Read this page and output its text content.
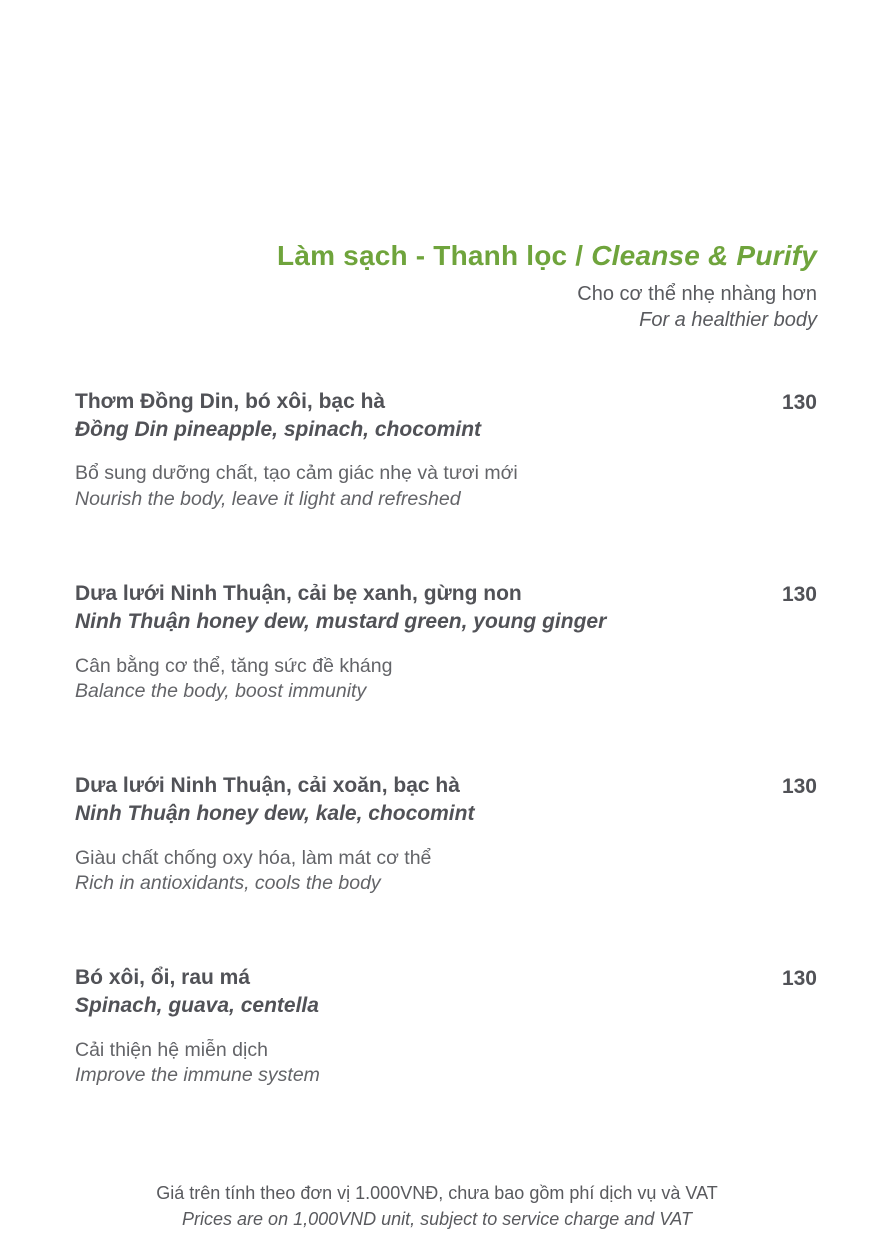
Làm sạch - Thanh lọc / Cleanse & Purify
Cho cơ thể nhẹ nhàng hơn
For a healthier body
Thơm Đồng Din, bó xôi, bạc hà
Đồng Din pineapple, spinach, chocomint
130
Bổ sung dưỡng chất, tạo cảm giác nhẹ và tươi mới
Nourish the body, leave it light and refreshed
Dưa lưới Ninh Thuận, cải bẹ xanh, gừng non
Ninh Thuận honey dew, mustard green, young ginger
130
Cân bằng cơ thể, tăng sức đề kháng
Balance the body, boost immunity
Dưa lưới Ninh Thuận, cải xoăn, bạc hà
Ninh Thuận honey dew, kale, chocomint
130
Giàu chất chống oxy hóa, làm mát cơ thể
Rich in antioxidants, cools the body
Bó xôi, ổi, rau má
Spinach, guava, centella
130
Cải thiện hệ miễn dịch
Improve the immune system
Giá trên tính theo đơn vị 1.000VNĐ, chưa bao gồm phí dịch vụ và VAT
Prices are on 1,000VND unit, subject to service charge and VAT
